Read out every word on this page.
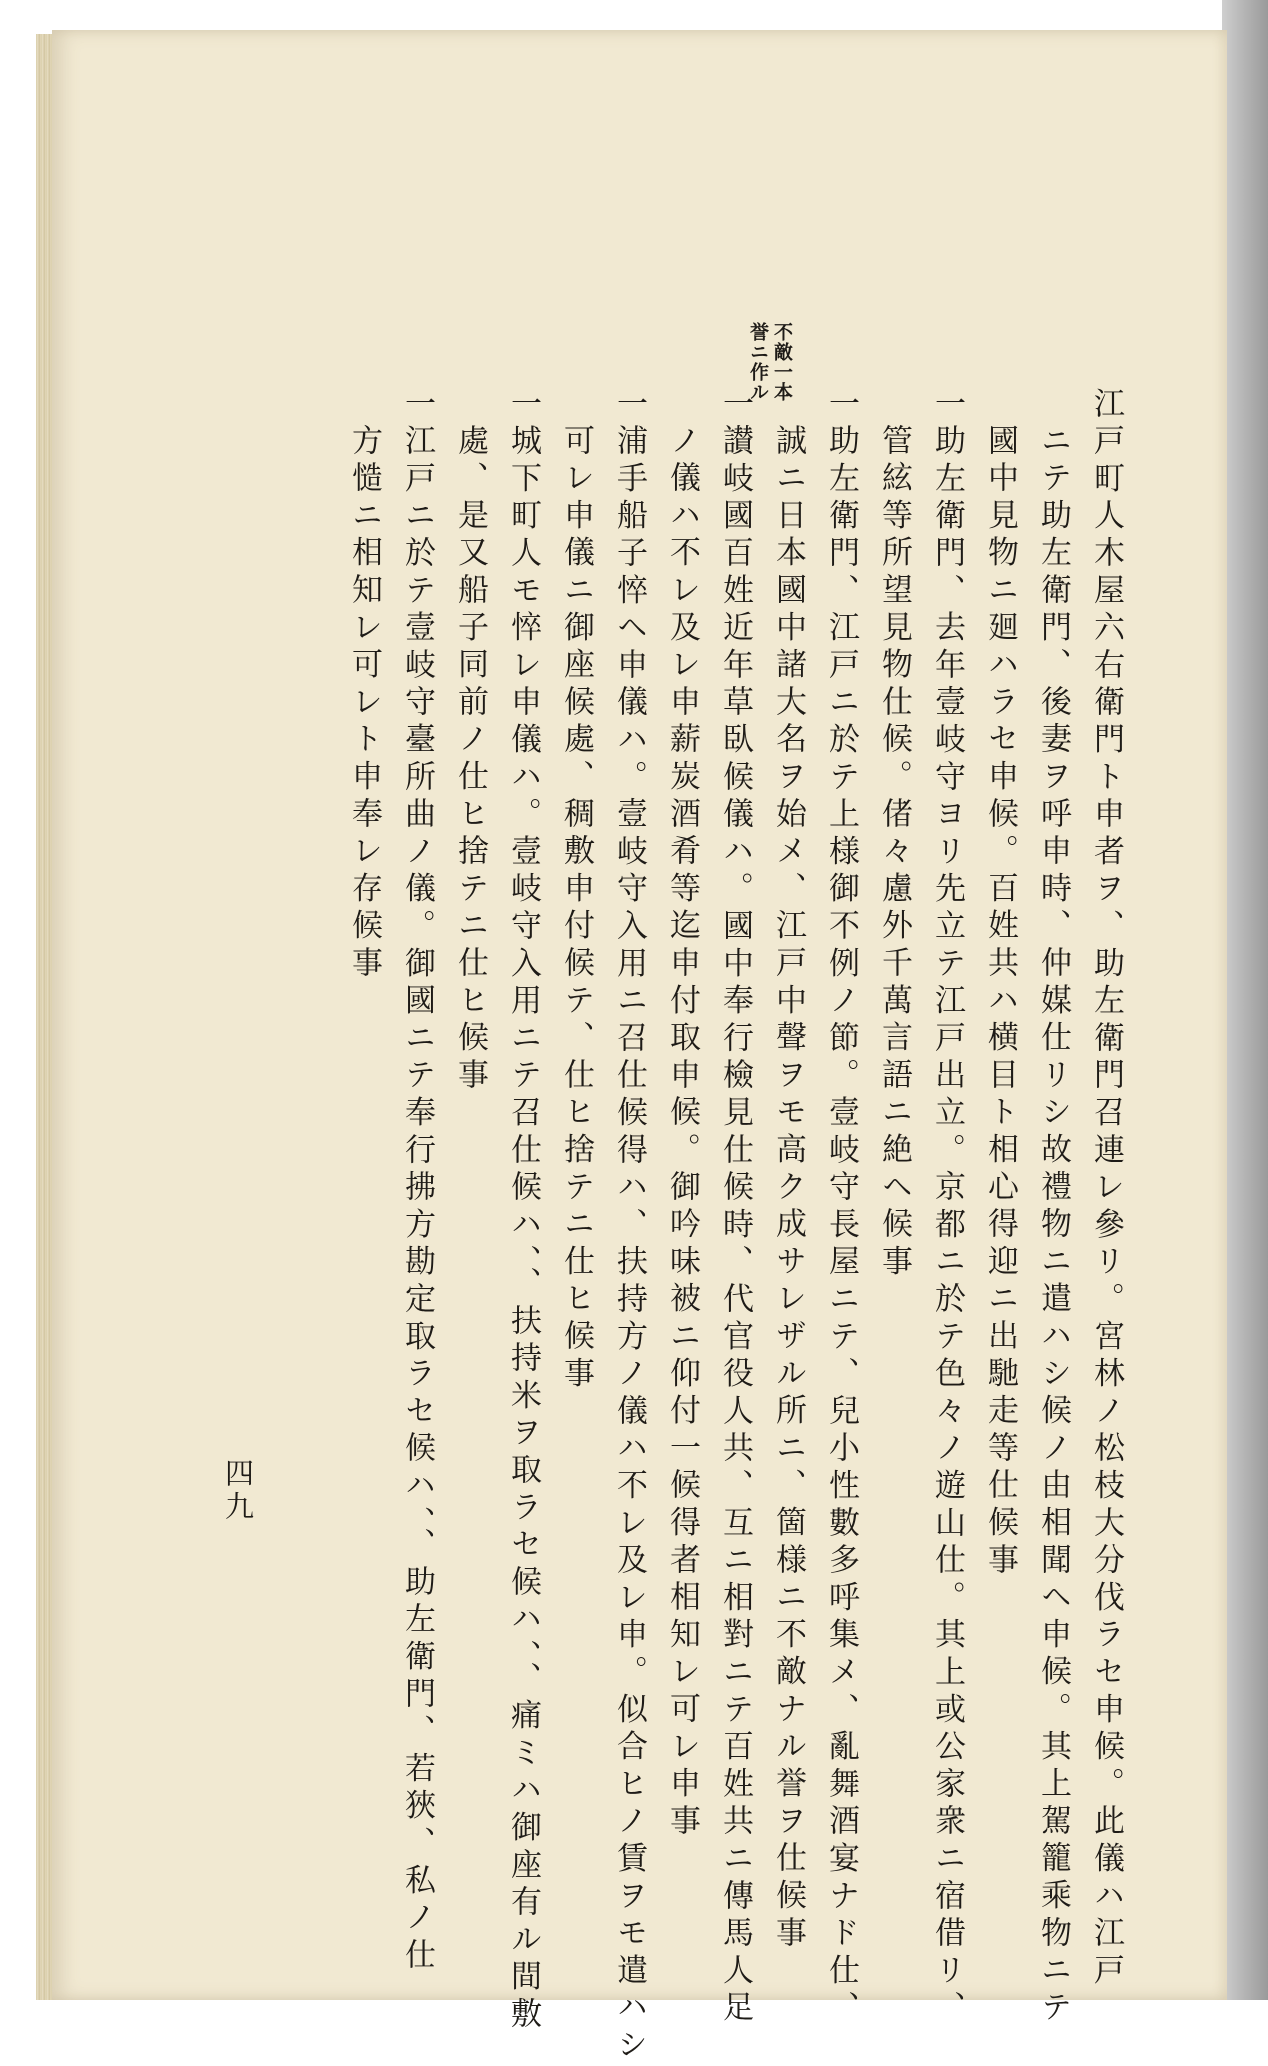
不敵一本
誉ニ作ル
江戸町人木屋六右衛門ト申者ヲ、助左衛門召連レ參リ。宮林ノ松枝大分伐ラセ申候。此儀ハ江戸
ニテ助左衛門、後妻ヲ呼申時、仲媒仕リシ故禮物ニ遣ハシ候ノ由相聞ヘ申候。其上駕籠乘物ニテ
國中見物ニ廻ハラセ申候。百姓共ハ横目ト相心得迎ニ出馳走等仕候事
一助左衛門、去年壹岐守ヨリ先立テ江戸出立。京都ニ於テ色々ノ遊山仕。其上或公家衆ニ宿借リ、
管絃等所望見物仕候。偖々慮外千萬言語ニ絶ヘ候事
一助左衛門、江戸ニ於テ上様御不例ノ節。壹岐守長屋ニテ、兒小性數多呼集メ、亂舞酒宴ナド仕、
誠ニ日本國中諸大名ヲ始メ、江戸中聲ヲモ高ク成サレザル所ニ、箇様ニ不敵ナル誉ヲ仕候事
一讃岐國百姓近年草臥候儀ハ。國中奉行檢見仕候時、代官役人共、互ニ相對ニテ百姓共ニ傳馬人足
ノ儀ハ不レ及レ申薪炭酒肴等迄申付取申候。御吟味被ニ仰付一候得者相知レ可レ申事
一浦手船子悴ヘ申儀ハ。壹岐守入用ニ召仕候得ハ、扶持方ノ儀ハ不レ及レ申。似合ヒノ賃ヲモ遣ハシ
可レ申儀ニ御座候處、稠敷申付候テ、仕ヒ捨テニ仕ヒ候事
一城下町人モ悴レ申儀ハ。壹岐守入用ニテ召仕候ハ、、扶持米ヲ取ラセ候ハ、、痛ミハ御座有ル間敷
處、是又船子同前ノ仕ヒ捨テニ仕ヒ候事
一江戸ニ於テ壹岐守臺所曲ノ儀。御國ニテ奉行拂方勘定取ラセ候ハ、、助左衛門、若狹、私ノ仕
方慥ニ相知レ可レト申奉レ存候事
四九
